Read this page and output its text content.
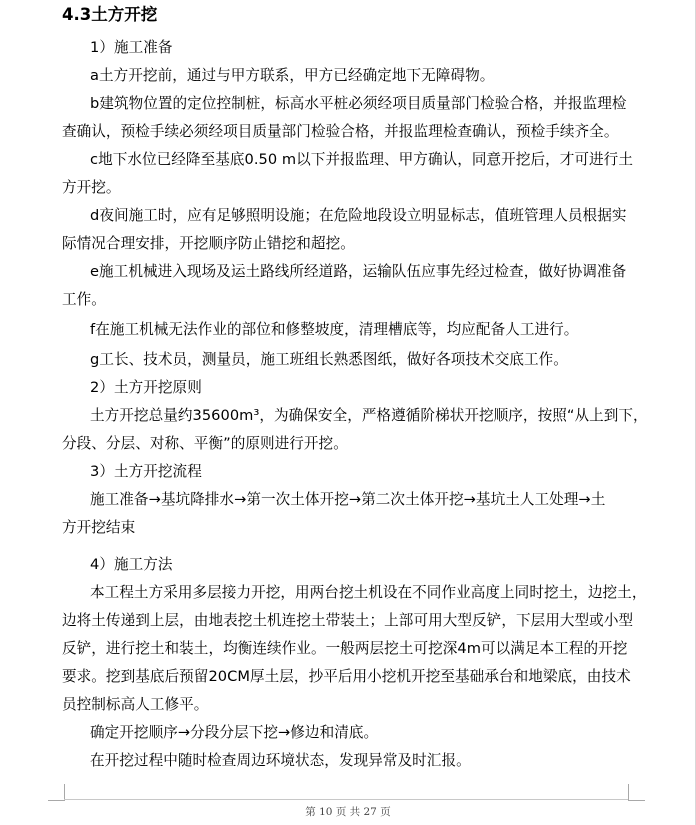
4.3土方开挖
1）施工准备
a土方开挖前，通过与甲方联系，甲方已经确定地下无障碍物。
b建筑物位置的定位控制桩，标高水平桩必须经项目质量部门检验合格，并报监理检
查确认，预检手续必须经项目质量部门检验合格，并报监理检查确认，预检手续齐全。
c地下水位已经降至基底0.50 m以下并报监理、甲方确认，同意开挖后，才可进行土
方开挖。
d夜间施工时，应有足够照明设施；在危险地段设立明显标志，值班管理人员根据实
际情况合理安排，开挖顺序防止错挖和超挖。
e施工机械进入现场及运土路线所经道路，运输队伍应事先经过检查，做好协调准备
工作。
f在施工机械无法作业的部位和修整坡度，清理槽底等，均应配备人工进行。
g工长、技术员，测量员，施工班组长熟悉图纸，做好各项技术交底工作。
2）土方开挖原则
土方开挖总量约35600m³，为确保安全，严格遵循阶梯状开挖顺序，按照“从上到下，
分段、分层、对称、平衡”的原则进行开挖。
3）土方开挖流程
施工准备→基坑降排水→第一次土体开挖→第二次土体开挖→基坑土人工处理→土
方开挖结束
4）施工方法
本工程土方采用多层接力开挖，用两台挖土机设在不同作业高度上同时挖土，边挖土，
边将土传递到上层，由地表挖土机连挖土带装土；上部可用大型反铲，下层用大型或小型
反铲，进行挖土和装土，均衡连续作业。一般两层挖土可挖深4m可以满足本工程的开挖
要求。挖到基底后预留20CM厚土层，抄平后用小挖机开挖至基础承台和地梁底，由技术
员控制标高人工修平。
确定开挖顺序→分段分层下挖→修边和清底。
在开挖过程中随时检查周边环境状态，发现异常及时汇报。
第 10 页 共 27 页
